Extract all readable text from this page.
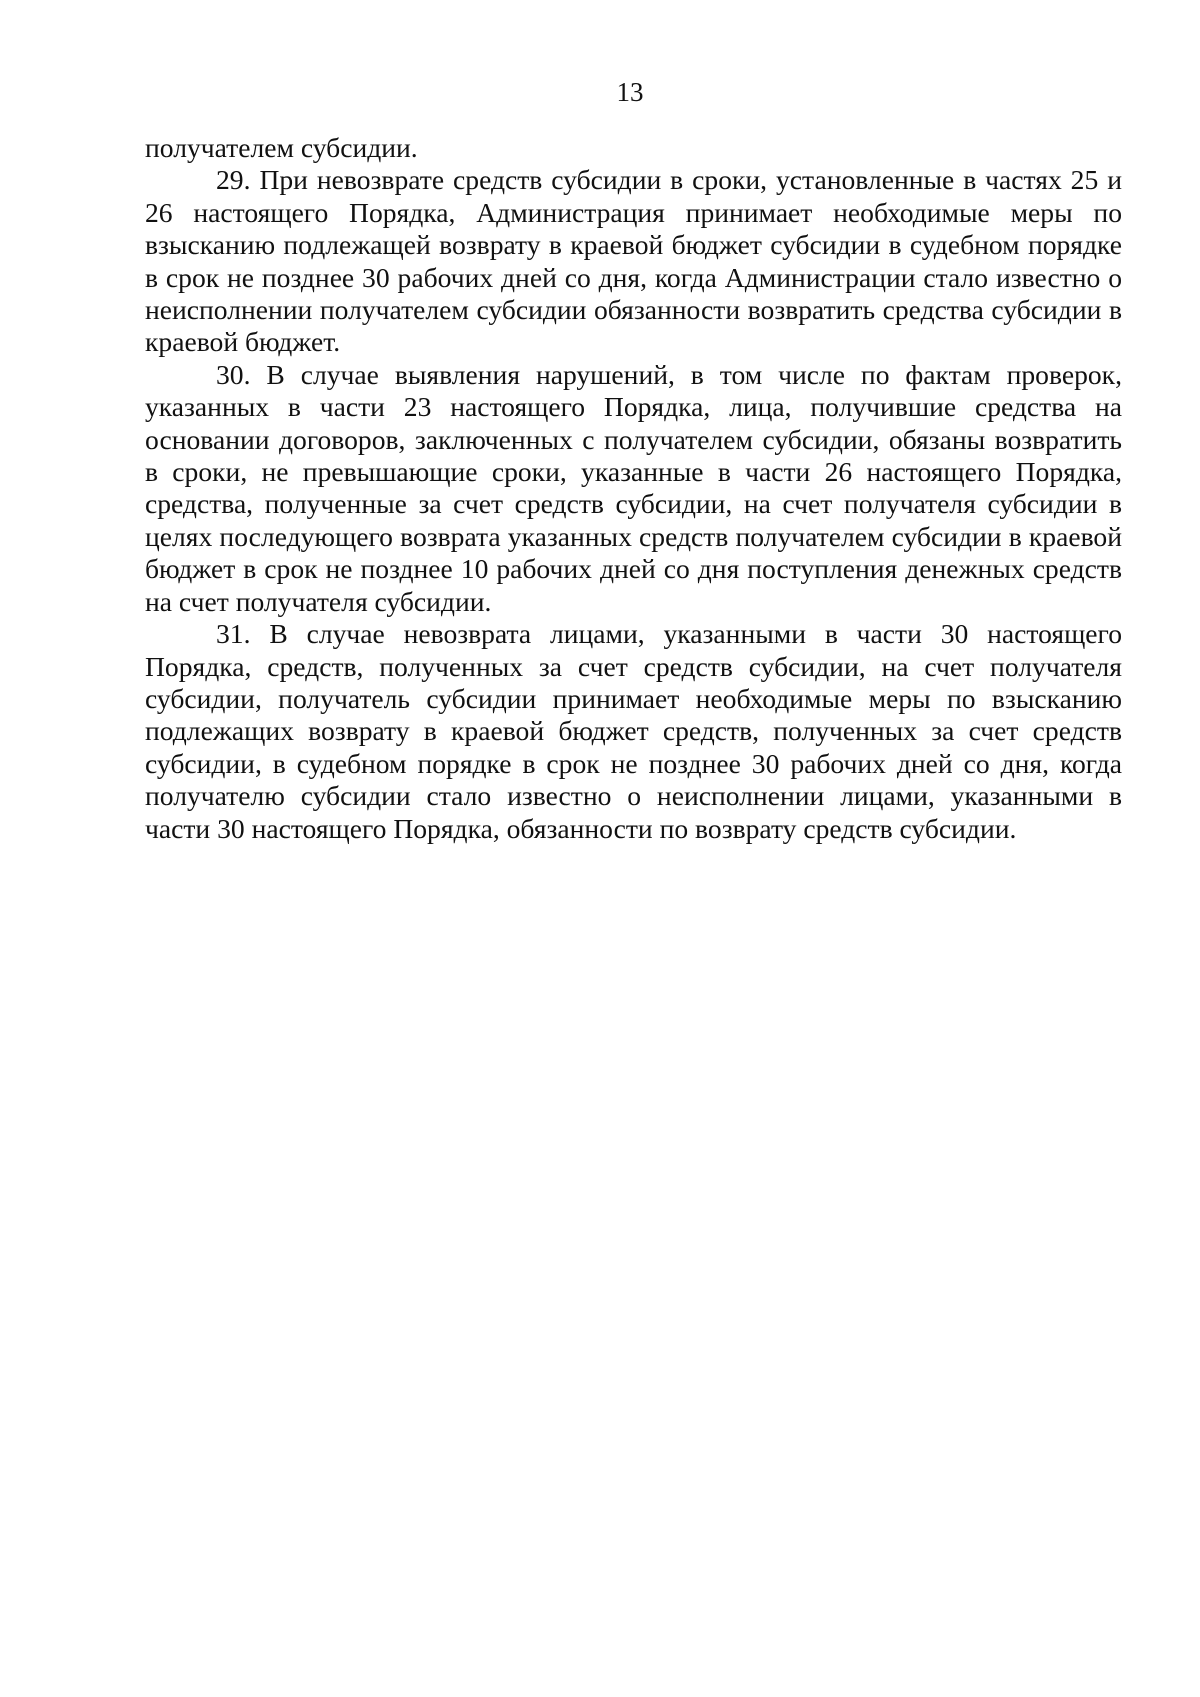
13

получателем субсидии.

29. При невозврате средств субсидии в сроки, установленные в частях 25 и 26 настоящего Порядка, Администрация принимает необходимые меры по взысканию подлежащей возврату в краевой бюджет субсидии в судебном порядке в срок не позднее 30 рабочих дней со дня, когда Администрации стало известно о неисполнении получателем субсидии обязанности возвратить средства субсидии в краевой бюджет.

30. В случае выявления нарушений, в том числе по фактам проверок, указанных в части 23 настоящего Порядка, лица, получившие средства на основании договоров, заключенных с получателем субсидии, обязаны возвратить в сроки, не превышающие сроки, указанные в части 26 настоящего Порядка, средства, полученные за счет средств субсидии, на счет получателя субсидии в целях последующего возврата указанных средств получателем субсидии в краевой бюджет в срок не позднее 10 рабочих дней со дня поступления денежных средств на счет получателя субсидии.

31. В случае невозврата лицами, указанными в части 30 настоящего Порядка, средств, полученных за счет средств субсидии, на счет получателя субсидии, получатель субсидии принимает необходимые меры по взысканию подлежащих возврату в краевой бюджет средств, полученных за счет средств субсидии, в судебном порядке в срок не позднее 30 рабочих дней со дня, когда получателю субсидии стало известно о неисполнении лицами, указанными в части 30 настоящего Порядка, обязанности по возврату средств субсидии.
